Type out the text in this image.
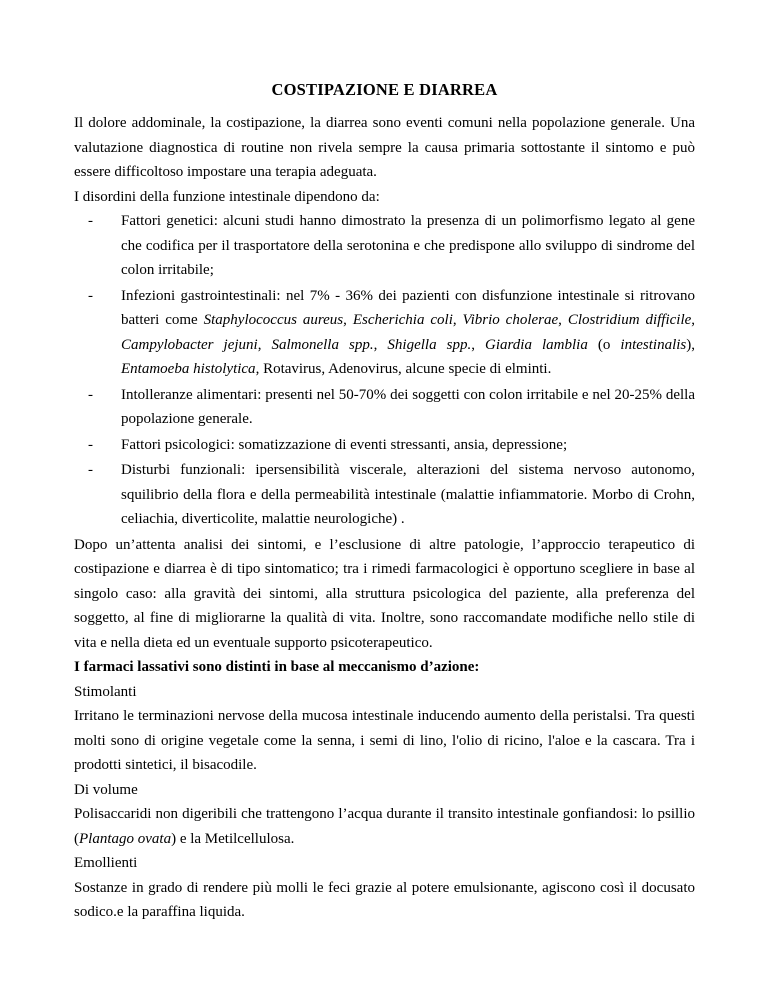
COSTIPAZIONE E DIARREA

Il dolore addominale, la costipazione, la diarrea sono eventi comuni nella popolazione generale. Una valutazione diagnostica di routine non rivela sempre la causa primaria sottostante il sintomo e può essere difficoltoso impostare una terapia adeguata.

I disordini della funzione intestinale dipendono da:

- Fattori genetici: alcuni studi hanno dimostrato la presenza di un polimorfismo legato al gene che codifica per il trasportatore della serotonina e che predispone allo sviluppo di sindrome del colon irritabile;
- Infezioni gastrointestinali: nel 7% - 36% dei pazienti con disfunzione intestinale si ritrovano batteri come Staphylococcus aureus, Escherichia coli, Vibrio cholerae, Clostridium difficile, Campylobacter jejuni, Salmonella spp., Shigella spp., Giardia lamblia (o intestinalis), Entamoeba histolytica, Rotavirus, Adenovirus, alcune specie di elminti.
- Intolleranze alimentari: presenti nel 50-70% dei soggetti con colon irritabile e nel 20-25% della popolazione generale.
- Fattori psicologici: somatizzazione di eventi stressanti, ansia, depressione;
- Disturbi funzionali: ipersensibilità viscerale, alterazioni del sistema nervoso autonomo, squilibrio della flora e della permeabilità intestinale (malattie infiammatorie. Morbo di Crohn, celiachia, diverticolite, malattie neurologiche) .

Dopo un’attenta analisi dei sintomi, e l’esclusione di altre patologie, l’approccio terapeutico di costipazione e diarrea è di tipo sintomatico; tra i rimedi farmacologici è opportuno scegliere in base al singolo caso: alla gravità dei sintomi, alla struttura psicologica del paziente, alla preferenza del soggetto, al fine di migliorarne la qualità di vita. Inoltre, sono raccomandate modifiche nello stile di vita e nella dieta ed un eventuale supporto psicoterapeutico.

I farmaci lassativi sono distinti in base al meccanismo d’azione:

Stimolanti

Irritano le terminazioni nervose della mucosa intestinale inducendo aumento della peristalsi. Tra questi molti sono di origine vegetale come la senna, i semi di lino, l'olio di ricino, l'aloe e la cascara. Tra i prodotti sintetici, il bisacodile.

Di volume

Polisaccaridi non digeribili che trattengono l’acqua durante il transito intestinale gonfiandosi: lo psillio (Plantago ovata) e la Metilcellulosa.

Emollienti

Sostanze in grado di rendere più molli le feci grazie al potere emulsionante, agiscono così il docusato sodico.e la paraffina liquida.
